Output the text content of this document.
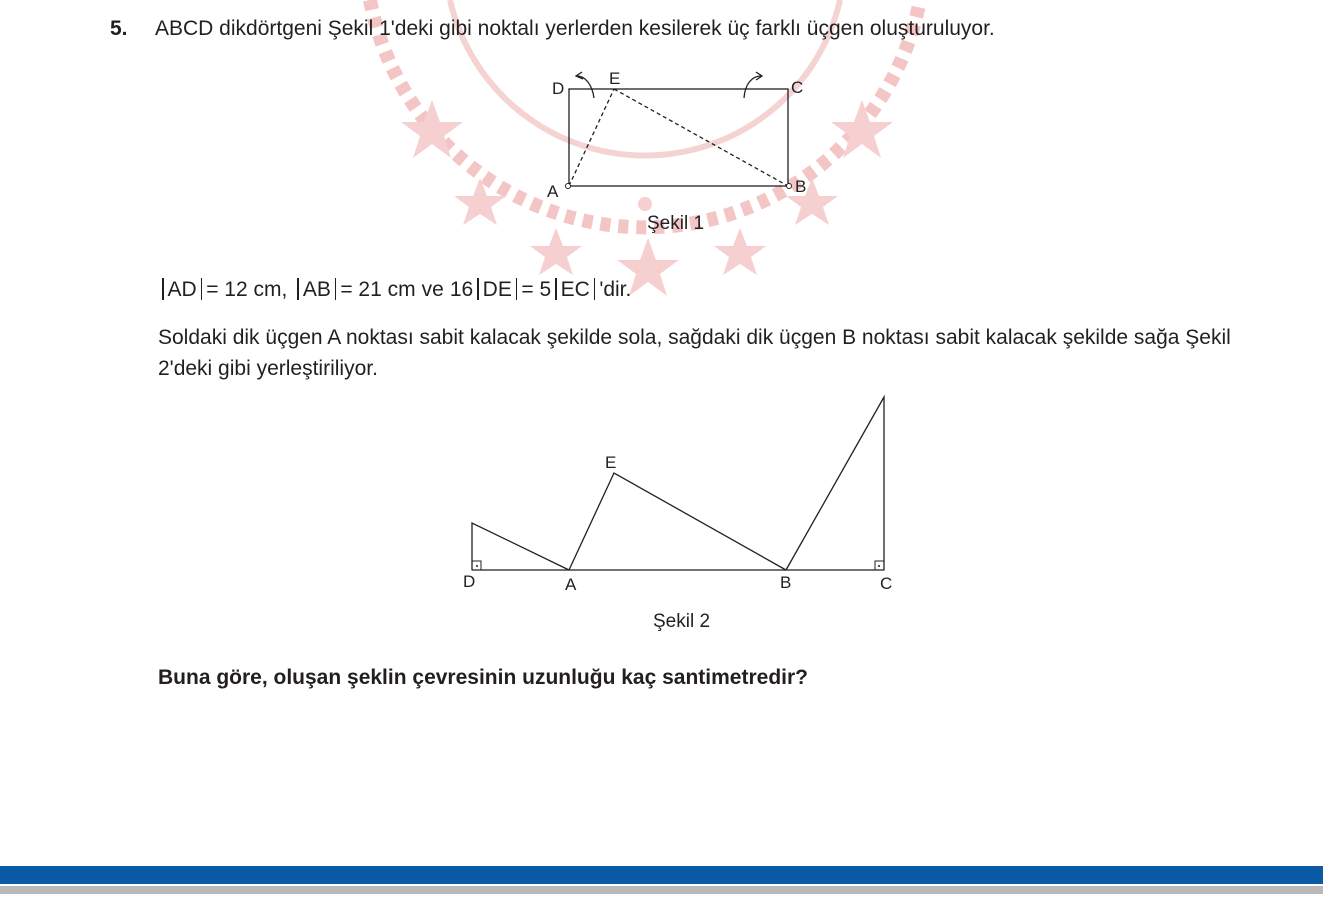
5. ABCD dikdörtgeni Şekil 1'deki gibi noktalı yerlerden kesilerek üç farklı üçgen oluşturuluyor.
D
E	C
A	B
Şekil 1
AD = 12 cm, AB = 21 cm ve 16 DE = 5 EC 'dir.
Soldaki dik üçgen A noktası sabit kalacak şekilde sola, sağdaki dik üçgen B noktası sabit kalacak şekilde sağa Şekil 2'deki gibi yerleştiriliyor.
D	A
E
B	C
Şekil 2
Buna göre, oluşan şeklin çevresinin uzunluğu kaç santimetredir?
